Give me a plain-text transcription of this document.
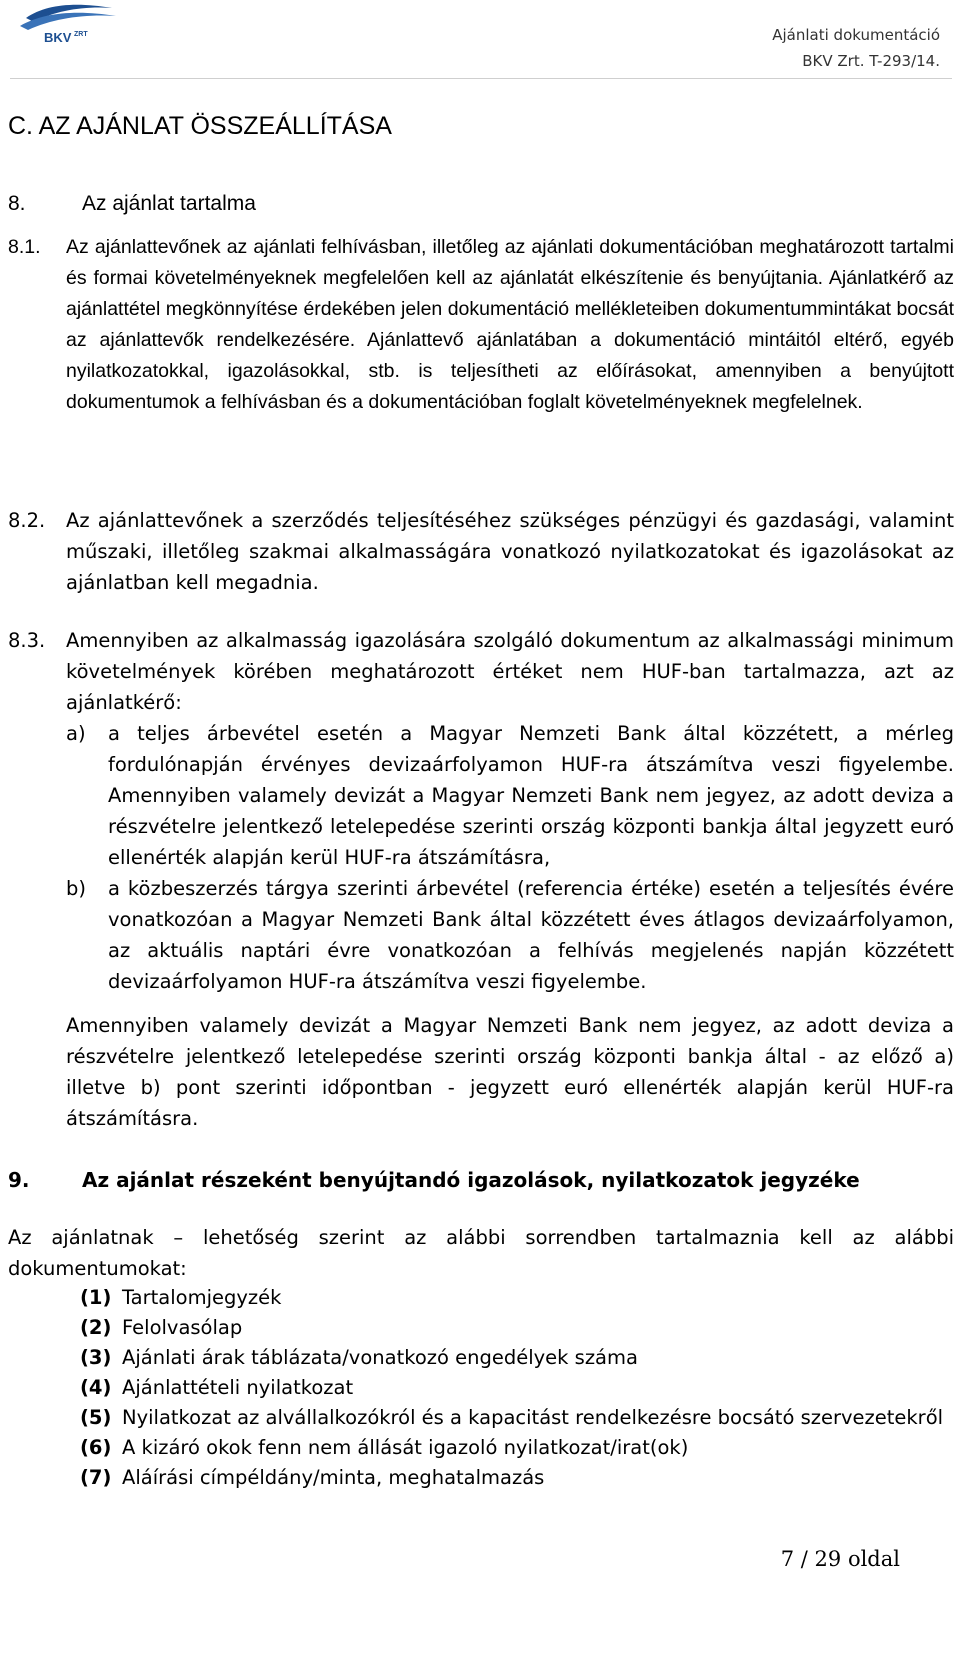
BKV ZRT	Ajánlati dokumentáció
BKV Zrt. T-293/14.
C. AZ AJÁNLAT ÖSSZEÁLLÍTÁSA
8.	Az ajánlat tartalma
8.1. Az ajánlattevőnek az ajánlati felhívásban, illetőleg az ajánlati dokumentációban meghatározott tartalmi és formai követelményeknek megfelelően kell az ajánlatát elkészítenie és benyújtania. Ajánlatkérő az ajánlattétel megkönnyítése érdekében jelen dokumentáció mellékleteiben dokumentummintákat bocsát az ajánlattevők rendelkezésére. Ajánlattevő ajánlatában a dokumentáció mintáitól eltérő, egyéb nyilatkozatokkal, igazolásokkal, stb. is teljesítheti az előírásokat, amennyiben a benyújtott dokumentumok a felhívásban és a dokumentációban foglalt követelményeknek megfelelnek.
8.2. Az ajánlattevőnek a szerződés teljesítéséhez szükséges pénzügyi és gazdasági, valamint műszaki, illetőleg szakmai alkalmasságára vonatkozó nyilatkozatokat és igazolásokat az ajánlatban kell megadnia.
8.3. Amennyiben az alkalmasság igazolására szolgáló dokumentum az alkalmassági minimum követelmények körében meghatározott értéket nem HUF-ban tartalmazza, azt az ajánlatkérő:
a) a teljes árbevétel esetén a Magyar Nemzeti Bank által közzétett, a mérleg fordulónapján érvényes devizaárfolyamon HUF-ra átszámítva veszi figyelembe. Amennyiben valamely devizát a Magyar Nemzeti Bank nem jegyez, az adott deviza a részvételre jelentkező letelepedése szerinti ország központi bankja által jegyzett euró ellenérték alapján kerül HUF-ra átszámításra,
b) a közbeszerzés tárgya szerinti árbevétel (referencia értéke) esetén a teljesítés évére vonatkozóan a Magyar Nemzeti Bank által közzétett éves átlagos devizaárfolyamon, az aktuális naptári évre vonatkozóan a felhívás megjelenés napján közzétett devizaárfolyamon HUF-ra átszámítva veszi figyelembe.
Amennyiben valamely devizát a Magyar Nemzeti Bank nem jegyez, az adott deviza a részvételre jelentkező letelepedése szerinti ország központi bankja által - az előző a) illetve b) pont szerinti időpontban - jegyzett euró ellenérték alapján kerül HUF-ra átszámításra.
9.	Az ajánlat részeként benyújtandó igazolások, nyilatkozatok jegyzéke
Az ajánlatnak – lehetőség szerint az alábbi sorrendben tartalmaznia kell az alábbi dokumentumokat:
(1) Tartalomjegyzék
(2) Felolvasólap
(3) Ajánlati árak táblázata/vonatkozó engedélyek száma
(4) Ajánlattételi nyilatkozat
(5) Nyilatkozat az alvállalkozókról és a kapacitást rendelkezésre bocsátó szervezetekről
(6) A kizáró okok fenn nem állását igazoló nyilatkozat/irat(ok)
(7) Aláírási címpéldány/minta, meghatalmazás
7 / 29 oldal
